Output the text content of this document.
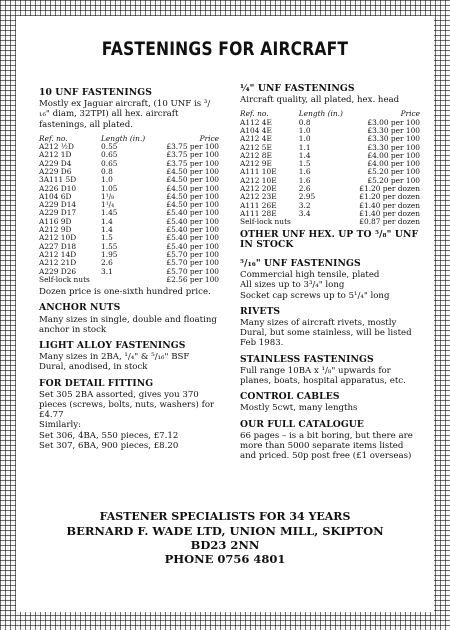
FASTENINGS FOR AIRCRAFT
10 UNF FASTENINGS

Mostly ex Jaguar aircraft, (10 UNF is ³/₁₆" diam, 32TPI) all hex. aircraft fastenings, all plated.

Ref. no.	Length (in.)	Price
A212 ½D	0.55	£3.75 per 100
A212 1D	0.65	£3.75 per 100
A229 D4	0.65	£3.75 per 100
A229 D6	0.8	£4.50 per 100
3A111 5D	1.0	£4.50 per 100
A226 D10	1.05	£4.50 per 100
A104 6D	1¹/₈	£4.50 per 100
A229 D14	1¹/₄	£4.50 per 100
A229 D17	1.45	£5.40 per 100
A116 9D	1.4	£5.40 per 100
A212 9D	1.4	£5.40 per 100
A212 10D	1.5	£5.40 per 100
A227 D18	1.55	£5.40 per 100
A212 14D	1.95	£5.70 per 100
A212 21D	2.6	£5.70 per 100
A229 D26	3.1	£5.70 per 100
Self-lock nuts		£2.56 per 100

Dozen price is one-sixth hundred price.

ANCHOR NUTS

Many sizes in single, double and floating anchor in stock

LIGHT ALLOY FASTENINGS

Many sizes in 2BA, ¹/₄" & ⁵/₁₆" BSF Dural, anodised, in stock

FOR DETAIL FITTING

Set 305 2BA assorted, gives you 370 pieces (screws, bolts, nuts, washers) for £4.77

Similarly:

Set 306, 4BA, 550 pieces, £7.12

Set 307, 6BA, 900 pieces, £8.20

¼" UNF FASTENINGS

Aircraft quality, all plated, hex. head

Ref. no.	Length (in.)	Price
A112 4E	0.8	£3.00 per 100
A104 4E	1.0	£3.30 per 100
A212 4E	1.0	£3.30 per 100
A212 5E	1.1	£3.30 per 100
A212 8E	1.4	£4.00 per 100
A212 9E	1.5	£4.00 per 100
A111 10E	1.6	£5.20 per 100
A212 10E	1.6	£5.20 per 100
A212 20E	2.6	£1.20 per dozen
A212 23E	2.95	£1.20 per dozen
A111 26E	3.2	£1.40 per dozen
A111 28E	3.4	£1.40 per dozen
Self-lock nuts		£0.87 per dozen
OTHER UNF HEX. UP TO ⁵/₈" UNF IN STOCK
⁵/₁₆" UNF FASTENINGS

Commercial high tensile, plated

All sizes up to 3³/₄" long

Socket cap screws up to 5¹/₄" long

RIVETS

Many sizes of aircraft rivets, mostly Dural, but some stainless, will be listed Feb 1983.

STAINLESS FASTENINGS

Full range 10BA x ¹/₈" upwards for planes, boats, hospital apparatus, etc.

CONTROL CABLES

Mostly 5cwt, many lengths

OUR FULL CATALOGUE

66 pages – is a bit boring, but there are more than 5000 separate items listed and priced. 50p post free (£1 overseas)

FASTENER SPECIALISTS FOR 34 YEARS
BERNARD F. WADE LTD, UNION MILL, SKIPTON
BD23 2NN
PHONE 0756 4801
